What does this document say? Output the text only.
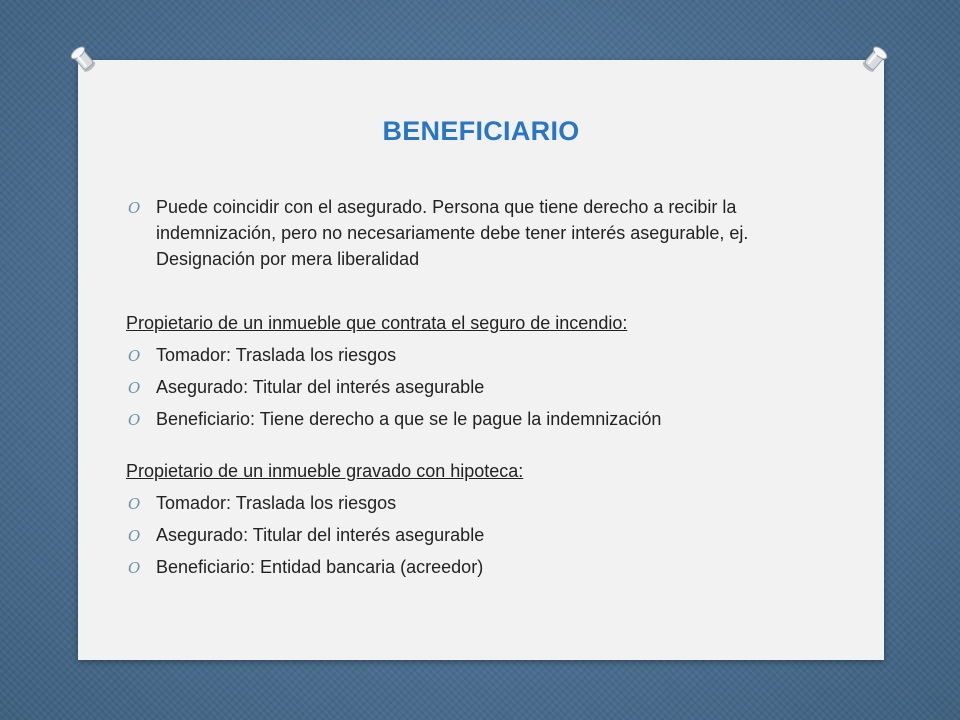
BENEFICIARIO

O Puede coincidir con el asegurado. Persona que tiene derecho a recibir la indemnización, pero no necesariamente debe tener interés asegurable, ej. Designación por mera liberalidad

Propietario de un inmueble que contrata el seguro de incendio:

O Tomador: Traslada los riesgos

O Asegurado: Titular del interés asegurable

O Beneficiario: Tiene derecho a que se le pague la indemnización

Propietario de un inmueble gravado con hipoteca:

O Tomador: Traslada los riesgos

O Asegurado: Titular del interés asegurable

O Beneficiario: Entidad bancaria (acreedor)
